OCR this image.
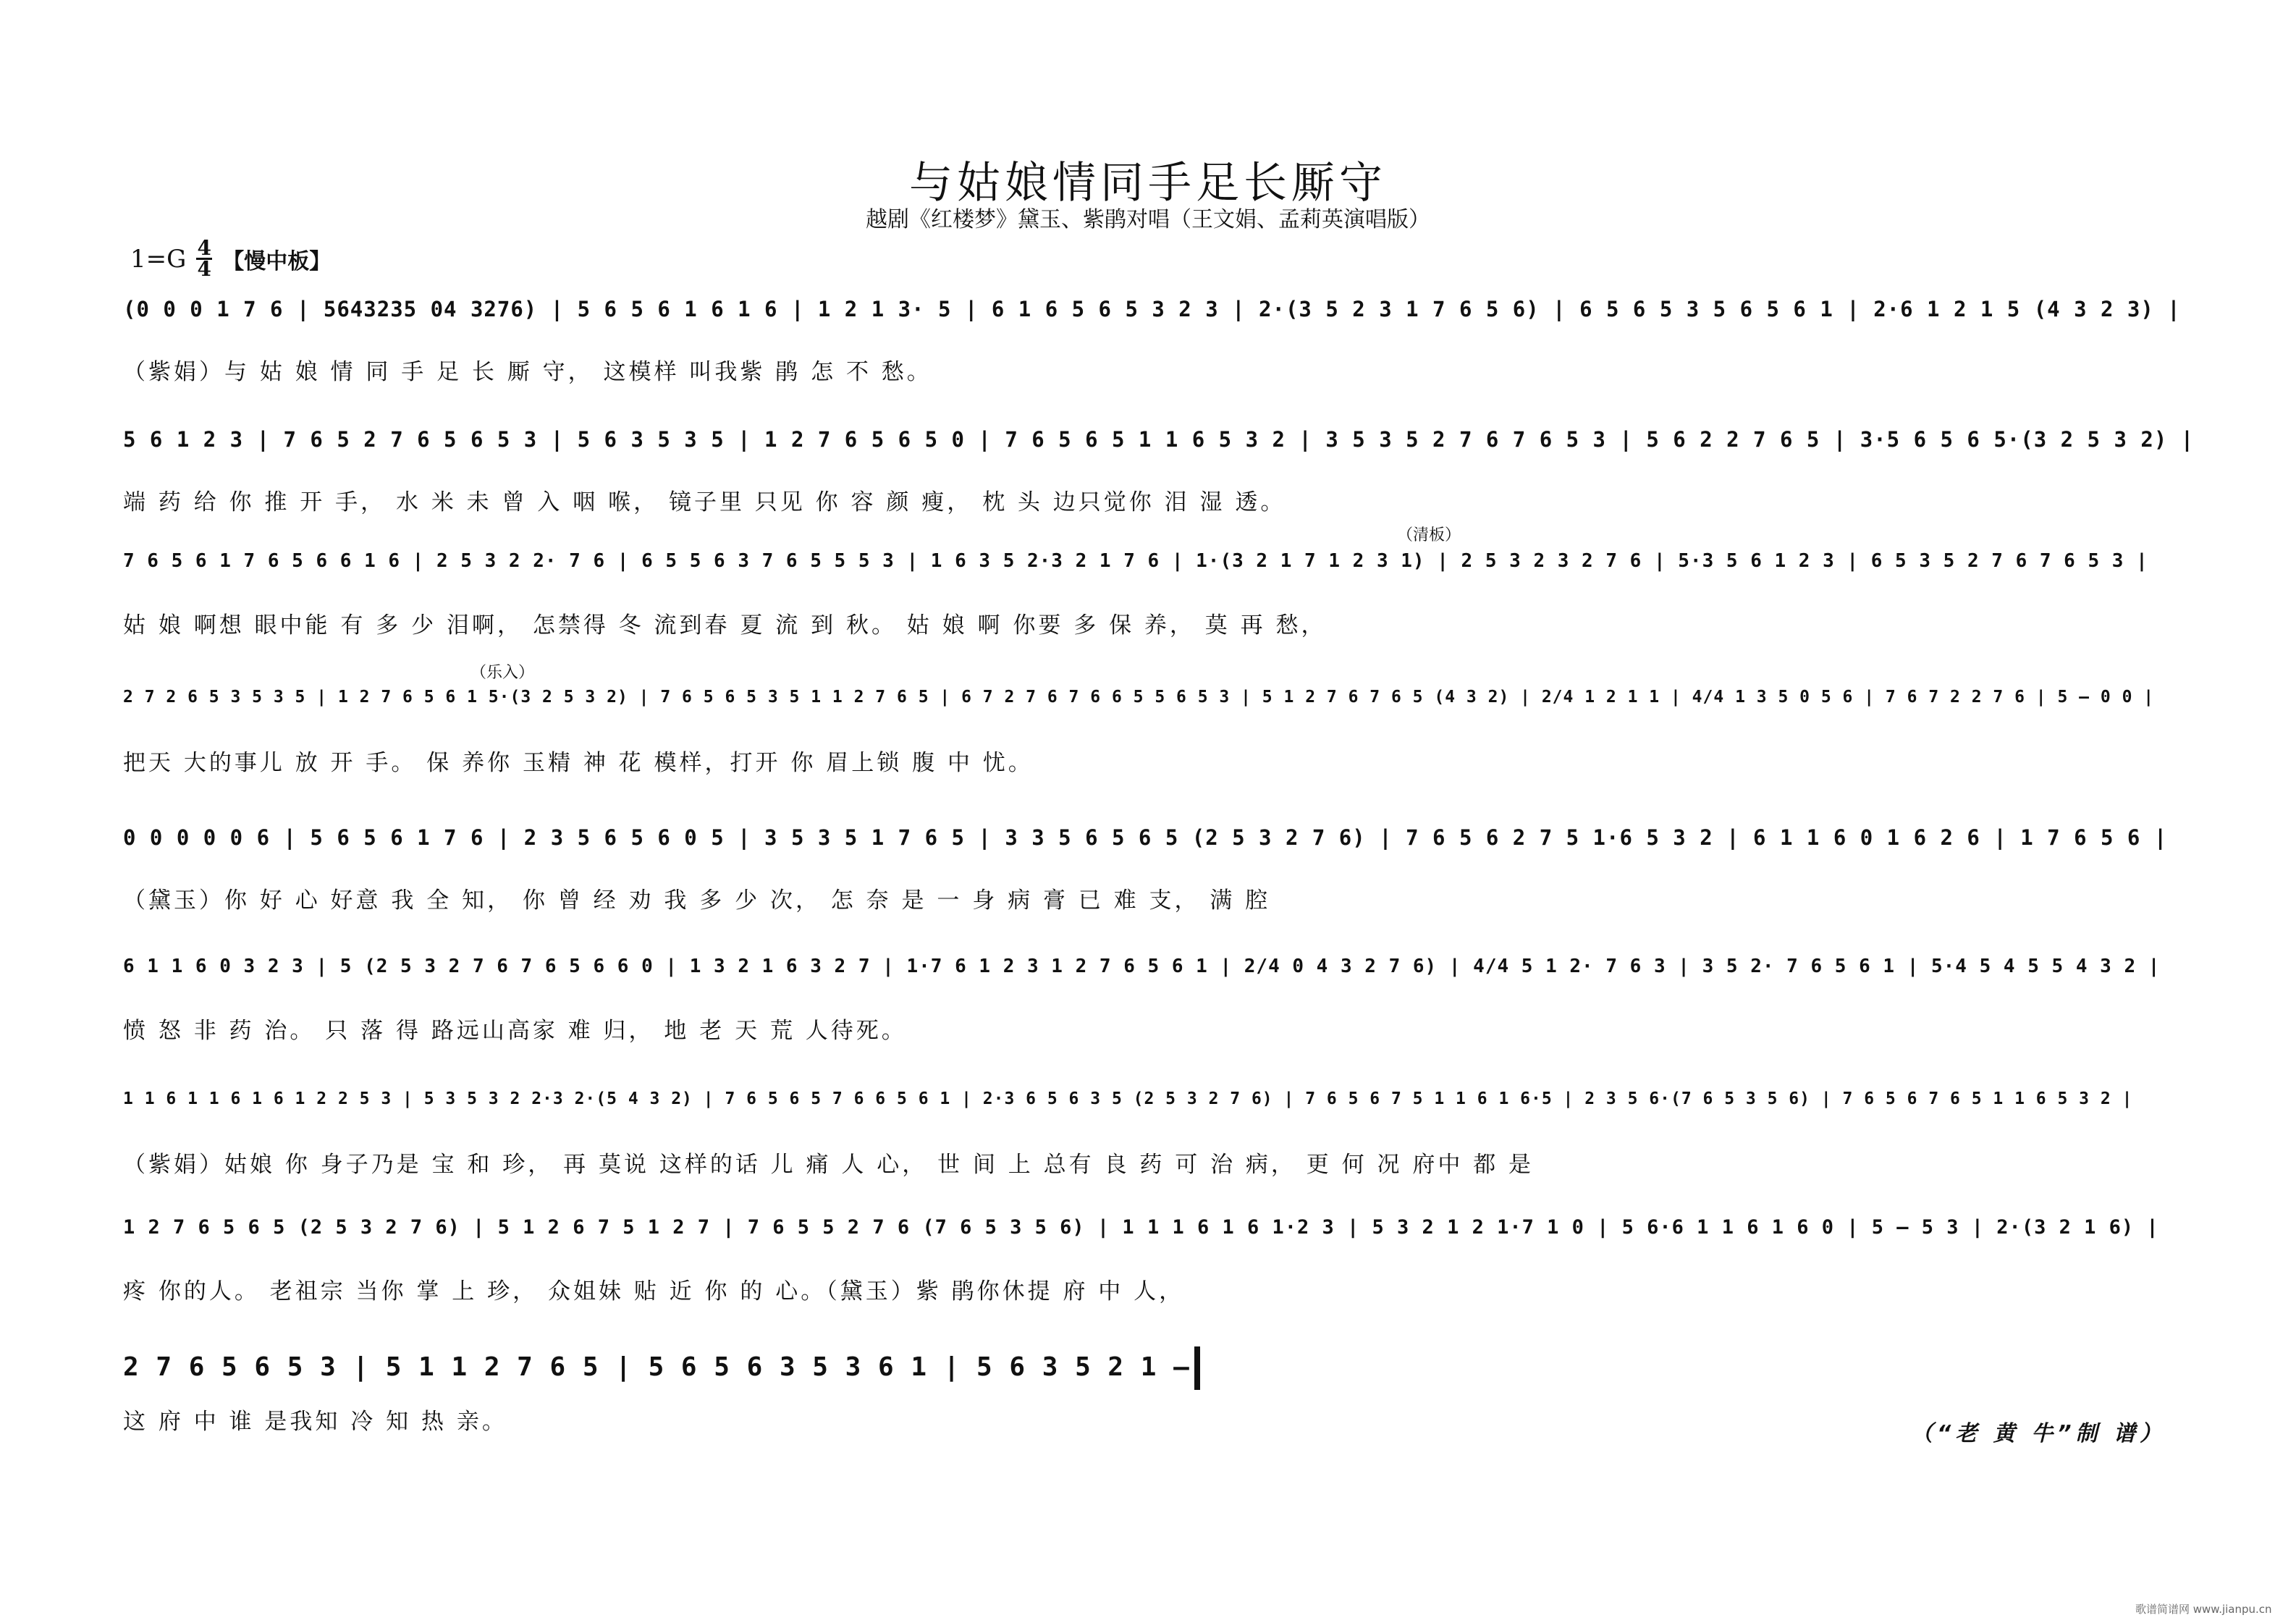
与姑娘情同手足长厮守
越剧《红楼梦》黛玉、紫鹃对唱（王文娟、孟莉英演唱版）
1=G 4
4 【慢中板】
(0 0 0 1 7 6 | 5643235 04 3276) | 5 6 5 6 1 6 1 6 | 1 2 1 3· 5 | 6 1 6 5 6 5 3 2 3 | 2·(3 5 2 3 1 7 6 5 6) | 6 5 6 5 3 5 6 5 6 1 | 2·6 1 2 1 5 (4 3 2 3) |
（紫娟）与 姑 娘 情 同 手 足 长 厮 守， 这模样 叫我紫 鹃 怎 不 愁。
5 6 1 2 3 | 7 6 5 2 7 6 5 6 5 3 | 5 6 3 5 3 5 | 1 2 7 6 5 6 5 0 | 7 6 5 6 5 1 1 6 5 3 2 | 3 5 3 5 2 7 6 7 6 5 3 | 5 6 2 2 7 6 5 | 3·5 6 5 6 5·(3 2 5 3 2) |
端 药 给 你 推 开 手， 水 米 未 曾 入 咽 喉， 镜子里 只见 你 容 颜 瘦， 枕 头 边只觉你 泪 湿 透。
（清板）
7 6 5 6 1 7 6 5 6 6 1 6 | 2 5 3 2 2· 7 6 | 6 5 5 6 3 7 6 5 5 5 3 | 1 6 3 5 2·3 2 1 7 6 | 1·(3 2 1 7 1 2 3 1) | 2 5 3 2 3 2 7 6 | 5·3 5 6 1 2 3 | 6 5 3 5 2 7 6 7 6 5 3 |
姑 娘 啊想 眼中能 有 多 少 泪啊， 怎禁得 冬 流到春 夏 流 到 秋。 姑 娘 啊 你要 多 保 养， 莫 再 愁，
（乐入）
2 7 2 6 5 3 5 3 5 | 1 2 7 6 5 6 1 5·(3 2 5 3 2) | 7 6 5 6 5 3 5 1 1 2 7 6 5 | 6 7 2 7 6 7 6 6 5 5 6 5 3 | 5 1 2 7 6 7 6 5 (4 3 2) | 2/4 1 2 1 1 | 4/4 1 3 5 0 5 6 | 7 6 7 2 2 7 6 | 5 – 0 0 |
把天 大的事儿 放 开 手。 保 养你 玉精 神 花 模样，打开 你 眉上锁 腹 中 忧。
0 0 0 0 0 6 | 5 6 5 6 1 7 6 | 2 3 5 6 5 6 0 5 | 3 5 3 5 1 7 6 5 | 3 3 5 6 5 6 5 (2 5 3 2 7 6) | 7 6 5 6 2 7 5 1·6 5 3 2 | 6 1 1 6 0 1 6 2 6 | 1 7 6 5 6 |
（黛玉）你 好 心 好意 我 全 知， 你 曾 经 劝 我 多 少 次， 怎 奈 是 一 身 病 膏 已 难 支， 满 腔
6 1 1 6 0 3 2 3 | 5 (2 5 3 2 7 6 7 6 5 6 6 0 | 1 3 2 1 6 3 2 7 | 1·7 6 1 2 3 1 2 7 6 5 6 1 | 2/4 0 4 3 2 7 6) | 4/4 5 1 2· 7 6 3 | 3 5 2· 7 6 5 6 1 | 5·4 5 4 5 5 4 3 2 |
愤 怒 非 药 治。 只 落 得 路远山高家 难 归， 地 老 天 荒 人待死。
1 1 6 1 1 6 1 6 1 2 2 5 3 | 5 3 5 3 2 2·3 2·(5 4 3 2) | 7 6 5 6 5 7 6 6 5 6 1 | 2·3 6 5 6 3 5 (2 5 3 2 7 6) | 7 6 5 6 7 5 1 1 6 1 6·5 | 2 3 5 6·(7 6 5 3 5 6) | 7 6 5 6 7 6 5 1 1 6 5 3 2 |
（紫娟）姑娘 你 身子乃是 宝 和 珍， 再 莫说 这样的话 儿 痛 人 心， 世 间 上 总有 良 药 可 治 病， 更 何 况 府中 都 是
1 2 7 6 5 6 5 (2 5 3 2 7 6) | 5 1 2 6 7 5 1 2 7 | 7 6 5 5 2 7 6 (7 6 5 3 5 6) | 1 1 1 6 1 6 1·2 3 | 5 3 2 1 2 1·7 1 0 | 5 6·6 1 1 6 1 6 0 | 5 – 5 3 | 2·(3 2 1 6) |
疼 你的人。 老祖宗 当你 掌 上 珍， 众姐妹 贴 近 你 的 心。（黛玉）紫 鹃你休提 府 中 人，
2 7 6 5 6 5 3 | 5 1 1 2 7 6 5 | 5 6 5 6 3 5 3 6 1 | 5 6 3 5 2 1 –
这 府 中 谁 是我知 冷 知 热 亲。	（“老 黄 牛”制 谱）
歌谱简谱网 www.jianpu.cn
